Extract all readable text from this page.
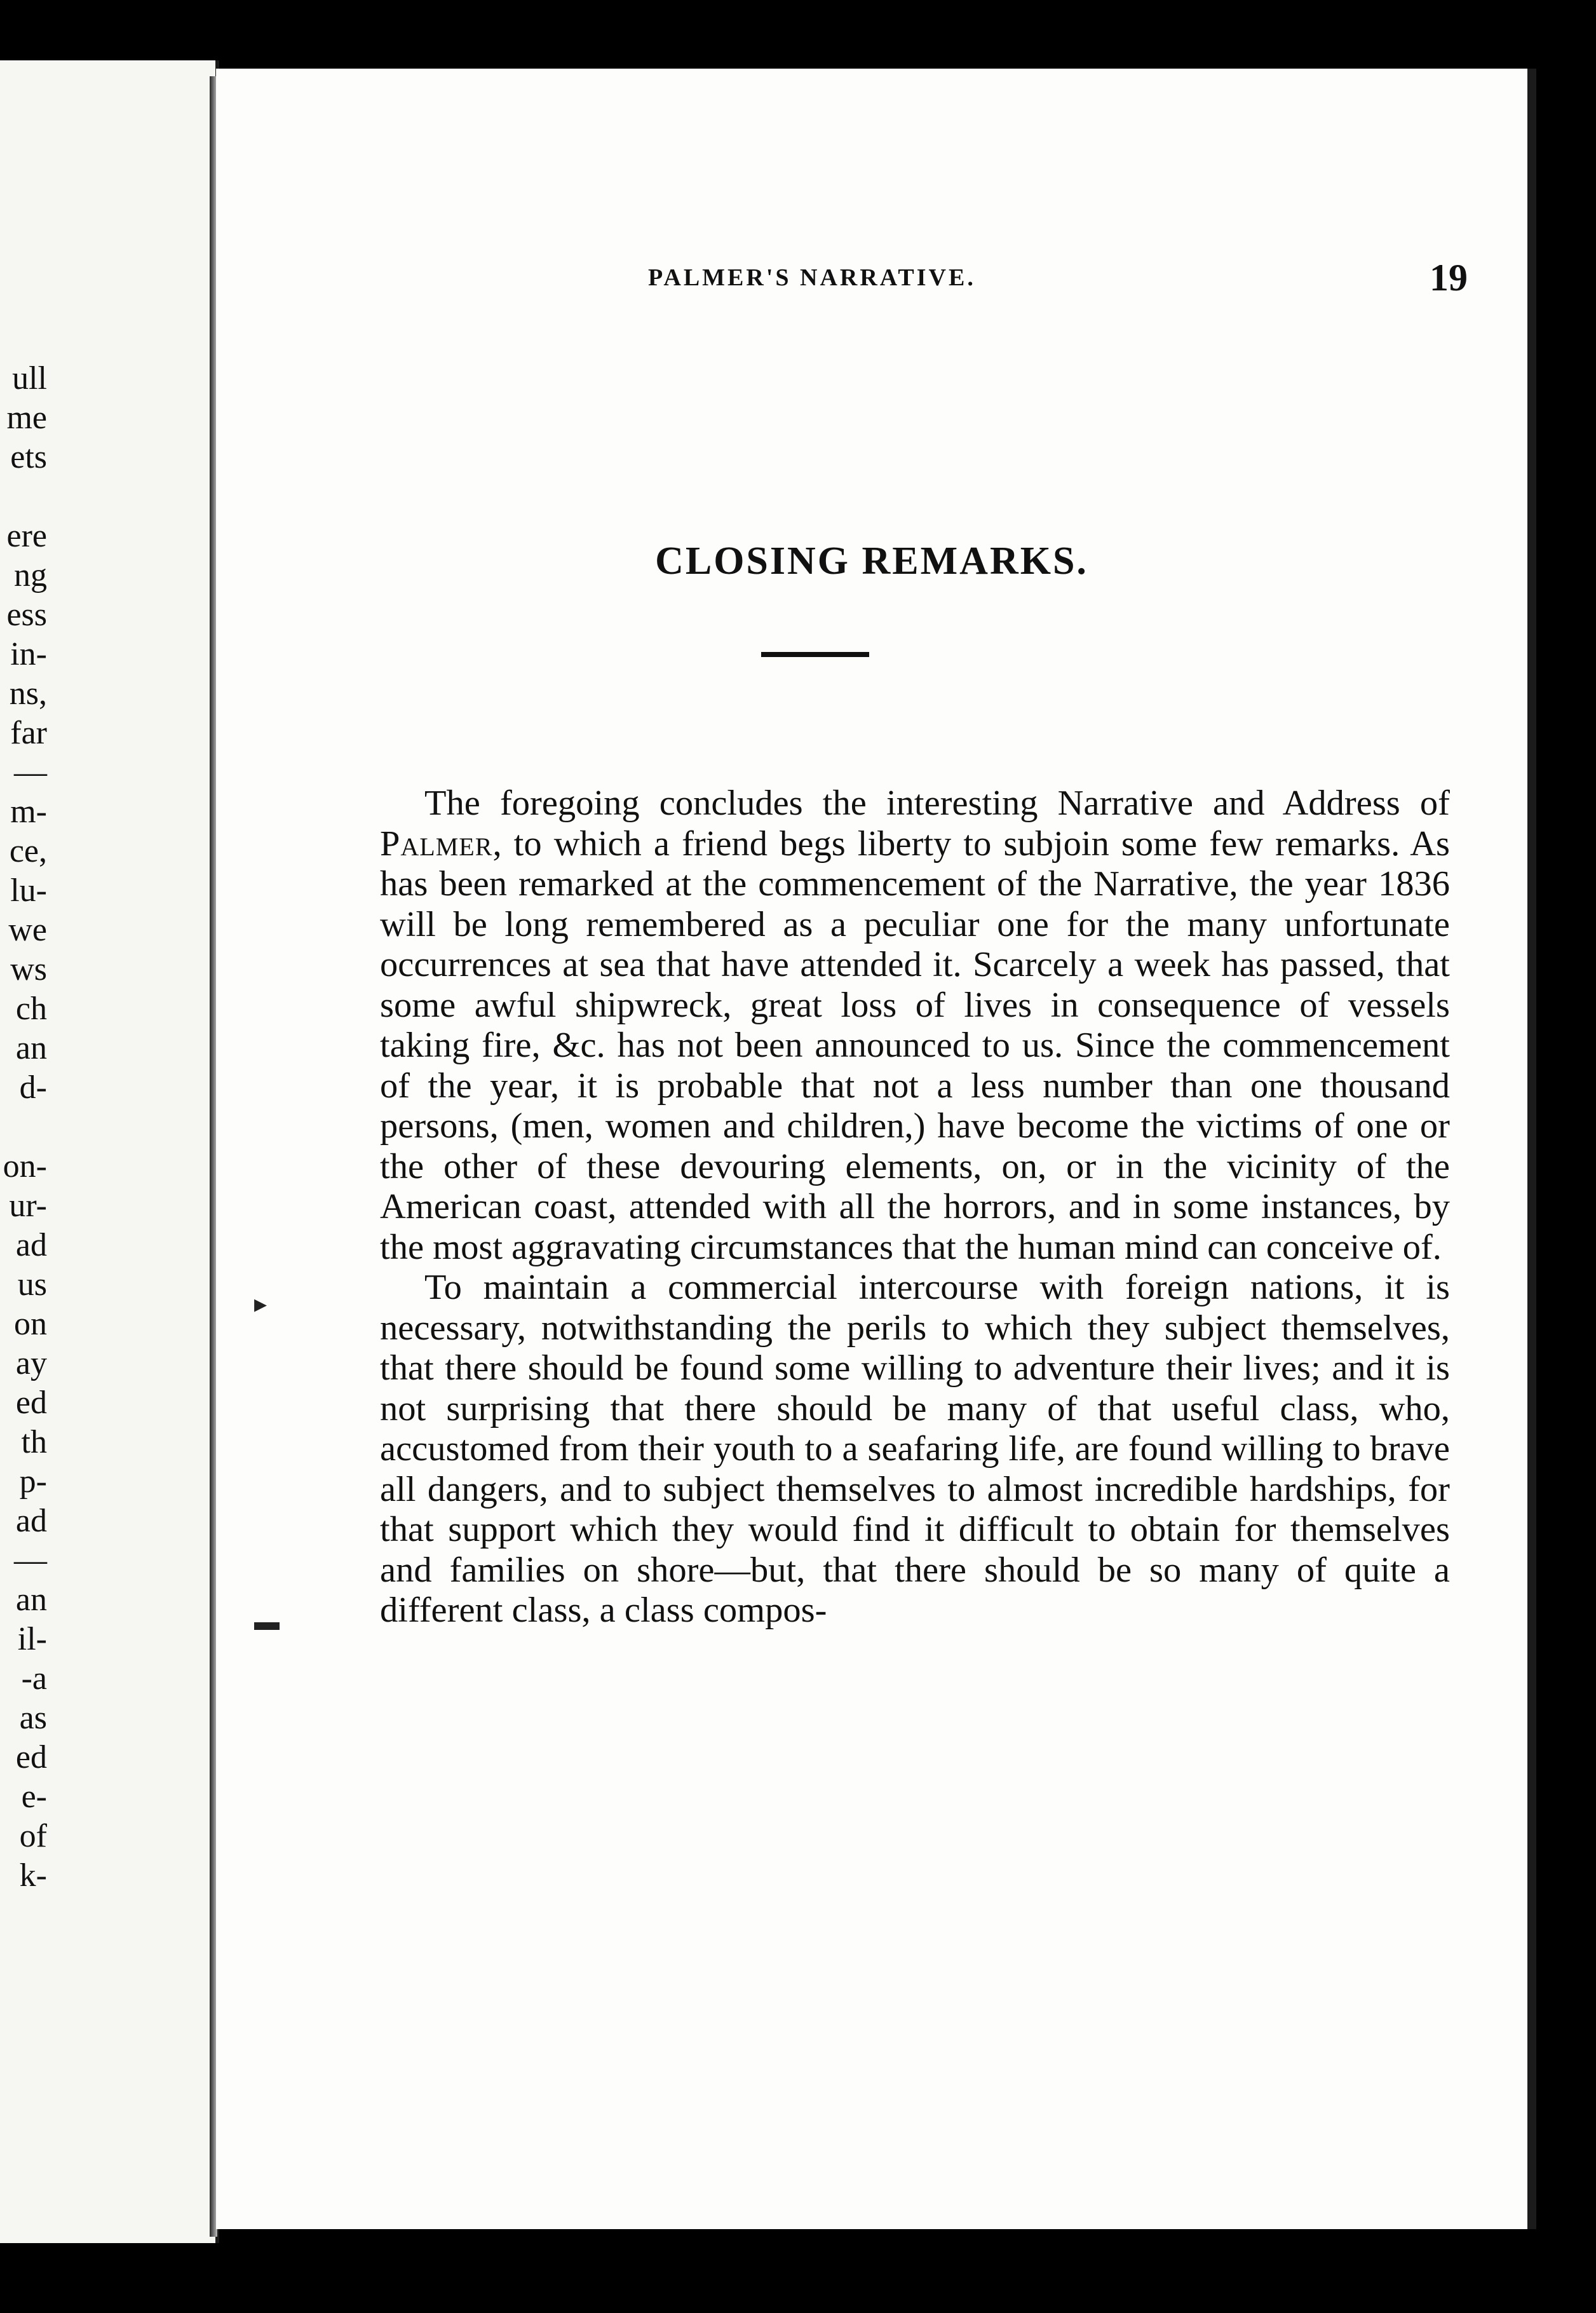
ull
me
ets
ere
ng
ess
in-
ns,
far
—
m-
ce,
lu-
we
ws
ch
an
d-
on-
ur-
ad
us
on
ay
ed
th
p-
ad
—
an
il-
-a
as
ed
e-
of
k-
PALMER'S NARRATIVE.	19
CLOSING REMARKS.

The foregoing concludes the interesting Narrative and Address of Palmer, to which a friend begs liberty to subjoin some few remarks. As has been remarked at the commencement of the Narrative, the year 1836 will be long remembered as a peculiar one for the many unfortunate occurrences at sea that have attended it. Scarcely a week has passed, that some awful shipwreck, great loss of lives in consequence of vessels taking fire, &c. has not been announced to us. Since the commencement of the year, it is probable that not a less number than one thousand persons, (men, women and children,) have become the victims of one or the other of these devouring elements, on, or in the vicinity of the American coast, attended with all the horrors, and in some instances, by the most aggravating circumstances that the human mind can conceive of.

To maintain a commercial intercourse with foreign nations, it is necessary, notwithstanding the perils to which they subject themselves, that there should be found some willing to adventure their lives; and it is not surprising that there should be many of that useful class, who, accustomed from their youth to a seafaring life, are found willing to brave all dangers, and to subject themselves to almost incredible hardships, for that support which they would find it difficult to obtain for themselves and families on shore—but, that there should be so many of quite a different class, a class compos-

▸
▬
